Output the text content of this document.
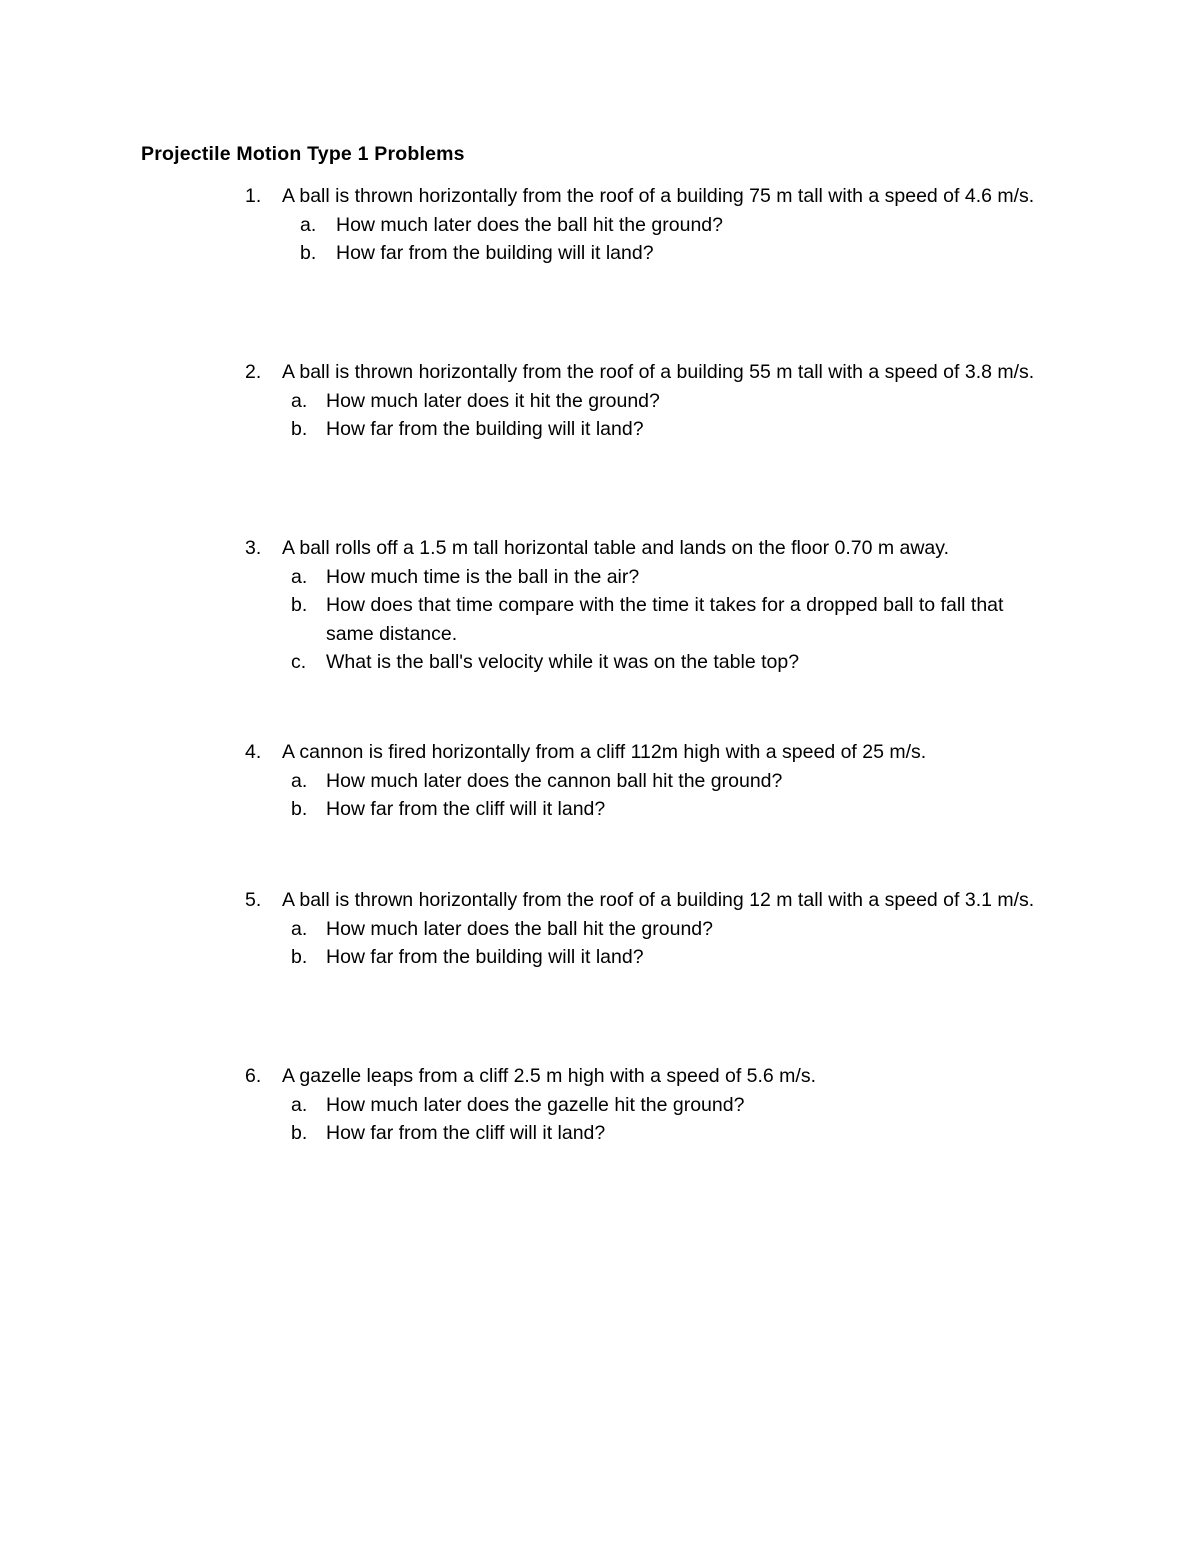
Projectile Motion Type 1 Problems
1. A ball is thrown horizontally from the roof of a building 75 m tall with a speed of 4.6 m/s.
a. How much later does the ball hit the ground?
b. How far from the building will it land?
2. A ball is thrown horizontally from the roof of a building 55 m tall with a speed of 3.8 m/s.
a. How much later does it hit the ground?
b. How far from the building will it land?
3. A ball rolls off a 1.5 m tall horizontal table and lands on the floor 0.70 m away.
a. How much time is the ball in the air?
b. How does that time compare with the time it takes for a dropped ball to fall that same distance.
c. What is the ball's velocity while it was on the table top?
4. A cannon is fired horizontally from a cliff 112m high with a speed of 25 m/s.
a. How much later does the cannon ball hit the ground?
b. How far from the cliff will it land?
5. A ball is thrown horizontally from the roof of a building 12 m tall with a speed of 3.1 m/s.
a. How much later does the ball hit the ground?
b. How far from the building will it land?
6. A gazelle leaps from a cliff 2.5 m high with a speed of 5.6 m/s.
a. How much later does the gazelle hit the ground?
b. How far from the cliff will it land?
